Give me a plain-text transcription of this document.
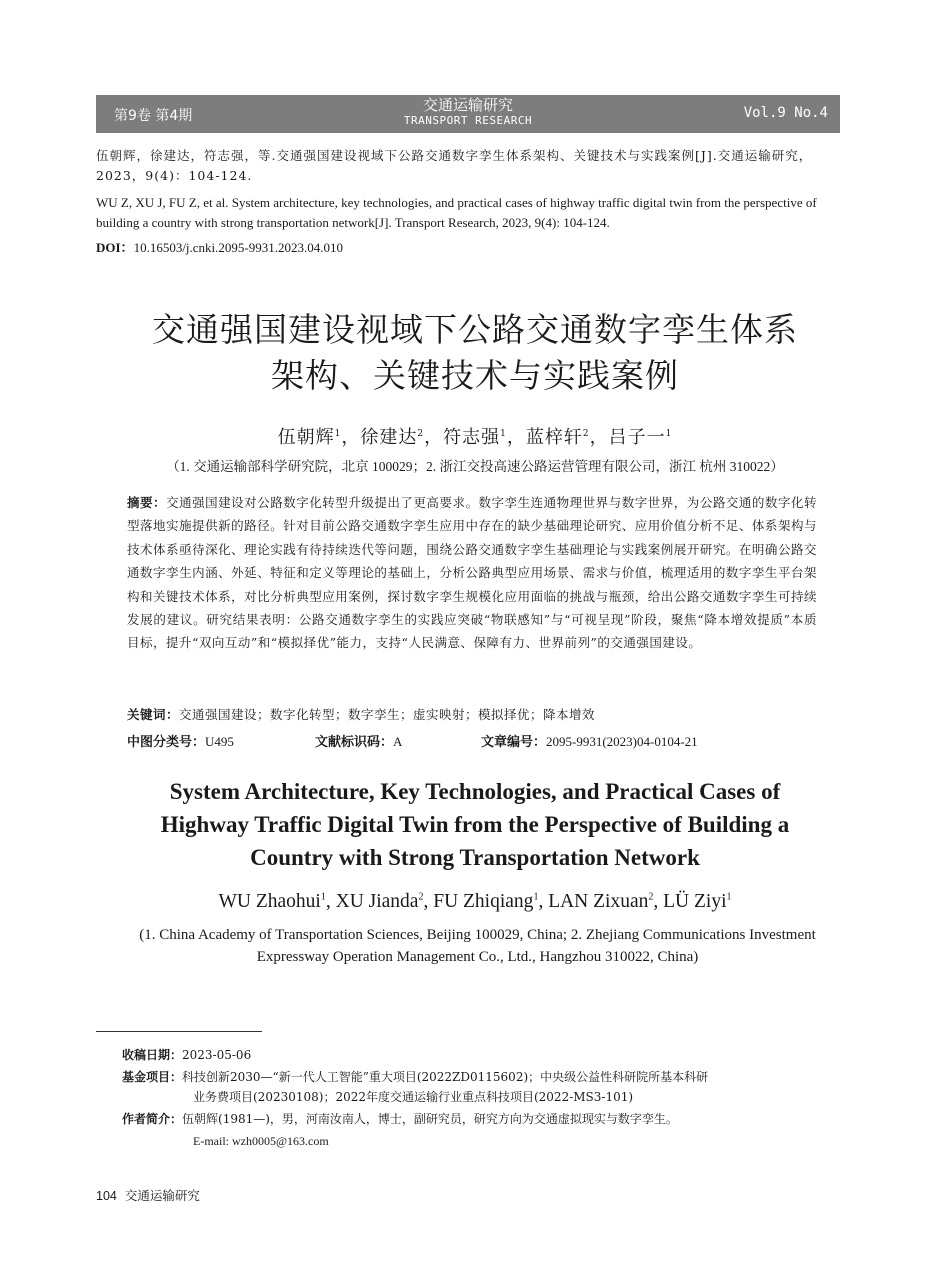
第9卷 第4期
交通运输研究
TRANSPORT RESEARCH	Vol.9 No.4
伍朝辉，徐建达，符志强，等.交通强国建设视域下公路交通数字孪生体系架构、关键技术与实践案例[J].交通运输研究，2023，9(4)：104-124.
WU Z, XU J, FU Z, et al. System architecture, key technologies, and practical cases of highway traffic digital twin from the perspective of building a country with strong transportation network[J]. Transport Research, 2023, 9(4): 104-124.
DOI：10.16503/j.cnki.2095-9931.2023.04.010
交通强国建设视域下公路交通数字孪生体系
架构、关键技术与实践案例
伍朝辉$^1$，徐建达$^2$，符志强$^1$，蓝梓轩$^2$，吕子一$^1$
（1. 交通运输部科学研究院，北京 100029；2. 浙江交投高速公路运营管理有限公司，浙江 杭州 310022）
摘要：交通强国建设对公路数字化转型升级提出了更高要求。数字孪生连通物理世界与数字世界，为公路交通的数字化转型落地实施提供新的路径。针对目前公路交通数字孪生应用中存在的缺少基础理论研究、应用价值分析不足、体系架构与技术体系亟待深化、理论实践有待持续迭代等问题，围绕公路交通数字孪生基础理论与实践案例展开研究。在明确公路交通数字孪生内涵、外延、特征和定义等理论的基础上，分析公路典型应用场景、需求与价值，梳理适用的数字孪生平台架构和关键技术体系，对比分析典型应用案例，探讨数字孪生规模化应用面临的挑战与瓶颈，给出公路交通数字孪生可持续发展的建议。研究结果表明：公路交通数字孪生的实践应突破“物联感知”与“可视呈现”阶段，聚焦“降本增效提质”本质目标，提升“双向互动”和“模拟择优”能力，支持“人民满意、保障有力、世界前列”的交通强国建设。
关键词：交通强国建设；数字化转型；数字孪生；虚实映射；模拟择优；降本增效
中图分类号：U495	文献标识码：A	文章编号：2095-9931(2023)04-0104-21
System Architecture, Key Technologies, and Practical Cases of
Highway Traffic Digital Twin from the Perspective of Building a
Country with Strong Transportation Network
WU Zhaohui$^1$, XU Jianda$^2$, FU Zhiqiang$^1$, LAN Zixuan$^2$, LÜ Ziyi$^1$
(1. China Academy of Transportation Sciences, Beijing 100029, China; 2. Zhejiang Communications Investment
Expressway Operation Management Co., Ltd., Hangzhou 310022, China)
收稿日期：2023-05-06
基金项目：科技创新2030—“新一代人工智能”重大项目(2022ZD0115602)；中央级公益性科研院所基本科研
业务费项目(20230108)；2022年度交通运输行业重点科技项目(2022-MS3-101)
作者简介：伍朝辉(1981—)，男，河南汝南人，博士，副研究员，研究方向为交通虚拟现实与数字孪生。
E-mail: wzh0005@163.com
104 交通运输研究
